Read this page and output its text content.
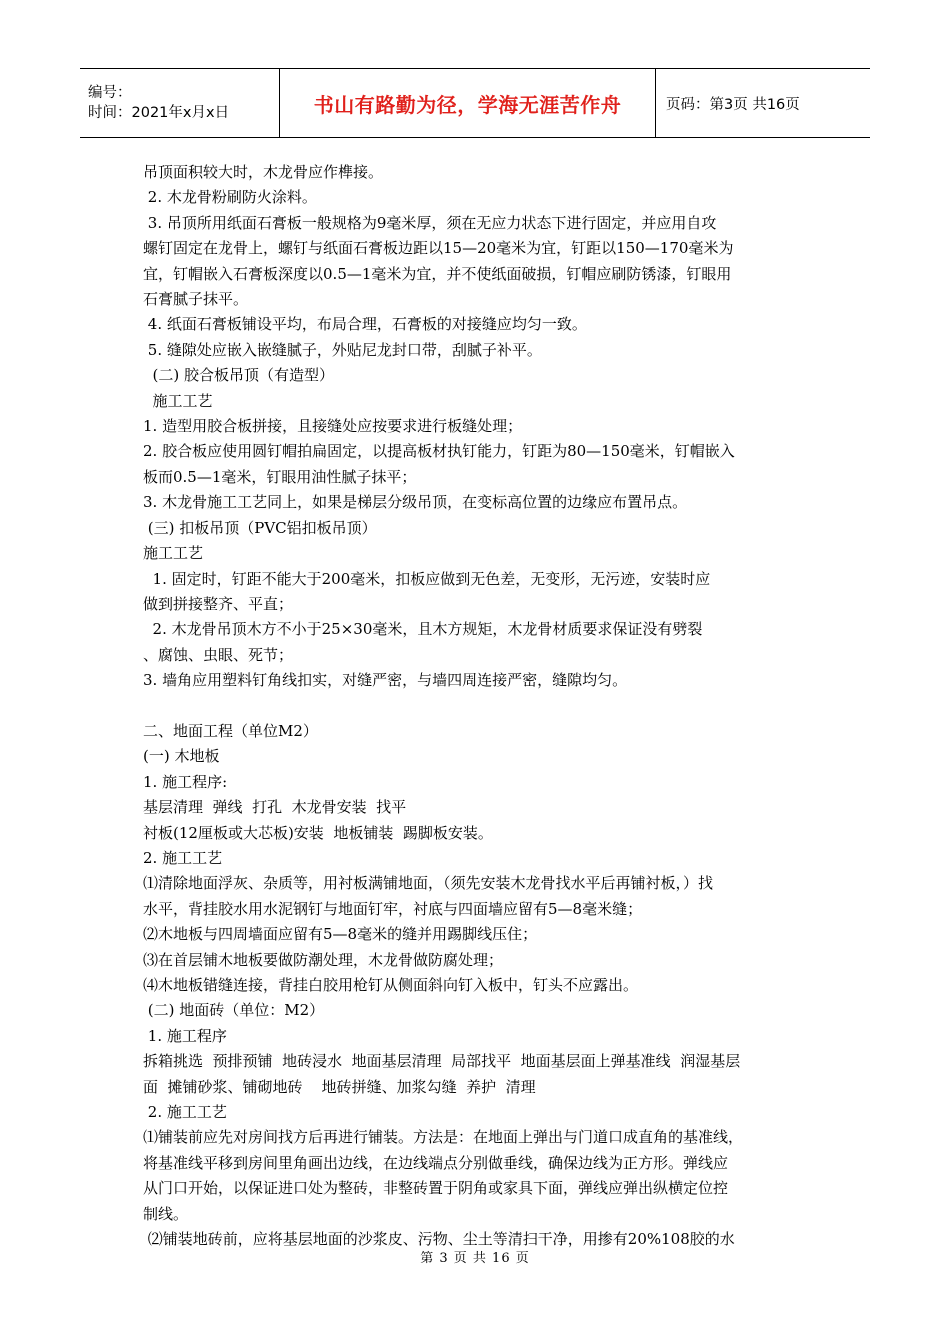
编号：
时间：2021年x月x日	书山有路勤为径，学海无涯苦作舟	页码：第3页 共16页

吊顶面积较大时，木龙骨应作榫接。

2. 木龙骨粉刷防火涂料。

3. 吊顶所用纸面石膏板一般规格为9毫米厚，须在无应力状态下进行固定，并应用自攻

螺钉固定在龙骨上，螺钉与纸面石膏板边距以15—20毫米为宜，钉距以150—170毫米为

宜，钉帽嵌入石膏板深度以0.5—1毫米为宜，并不使纸面破损，钉帽应刷防锈漆，钉眼用

石膏腻子抹平。

4. 纸面石膏板铺设平均，布局合理，石膏板的对接缝应均匀一致。

5. 缝隙处应嵌入嵌缝腻子，外贴尼龙封口带，刮腻子补平。

(二) 胶合板吊顶（有造型）

施工工艺

1. 造型用胶合板拼接，且接缝处应按要求进行板缝处理；

2. 胶合板应使用圆钉帽拍扁固定，以提高板材执钉能力，钉距为80—150毫米，钉帽嵌入

板而0.5—1毫米，钉眼用油性腻子抹平；

3. 木龙骨施工工艺同上，如果是梯层分级吊顶，在变标高位置的边缘应布置吊点。

(三) 扣板吊顶（PVC铝扣板吊顶）

施工工艺

1. 固定时，钉距不能大于200毫米，扣板应做到无色差，无变形，无污迹，安装时应

做到拼接整齐、平直；

2. 木龙骨吊顶木方不小于25×30毫米，且木方规矩，木龙骨材质要求保证没有劈裂

、腐蚀、虫眼、死节；

3. 墙角应用塑料钉角线扣实，对缝严密，与墙四周连接严密，缝隙均匀。

二、地面工程（单位M2）

(一) 木地板

1. 施工程序:

基层清理  弹线  打孔  木龙骨安装  找平

衬板(12厘板或大芯板)安装  地板铺装  踢脚板安装。

2. 施工工艺

⑴清除地面浮灰、杂质等，用衬板满铺地面，（须先安装木龙骨找水平后再铺衬板，）找

水平，背挂胶水用水泥钢钉与地面钉牢，衬底与四面墙应留有5—8毫米缝；

⑵木地板与四周墙面应留有5—8毫米的缝并用踢脚线压住；

⑶在首层铺木地板要做防潮处理，木龙骨做防腐处理；

⑷木地板错缝连接，背挂白胶用枪钉从侧面斜向钉入板中，钉头不应露出。

(二) 地面砖（单位：M2）

1. 施工程序

拆箱挑选  预排预铺  地砖浸水  地面基层清理  局部找平  地面基层面上弹基准线  润湿基层

面  摊铺砂浆、铺砌地砖    地砖拼缝、加浆勾缝  养护  清理

2. 施工工艺

⑴铺装前应先对房间找方后再进行铺装。方法是：在地面上弹出与门道口成直角的基准线，

将基准线平移到房间里角画出边线，在边线端点分别做垂线，确保边线为正方形。弹线应

从门口开始，以保证进口处为整砖，非整砖置于阴角或家具下面，弹线应弹出纵横定位控

制线。

⑵铺装地砖前，应将基层地面的沙浆皮、污物、尘土等清扫干净，用掺有20%108胶的水

第 3 页 共 16 页
